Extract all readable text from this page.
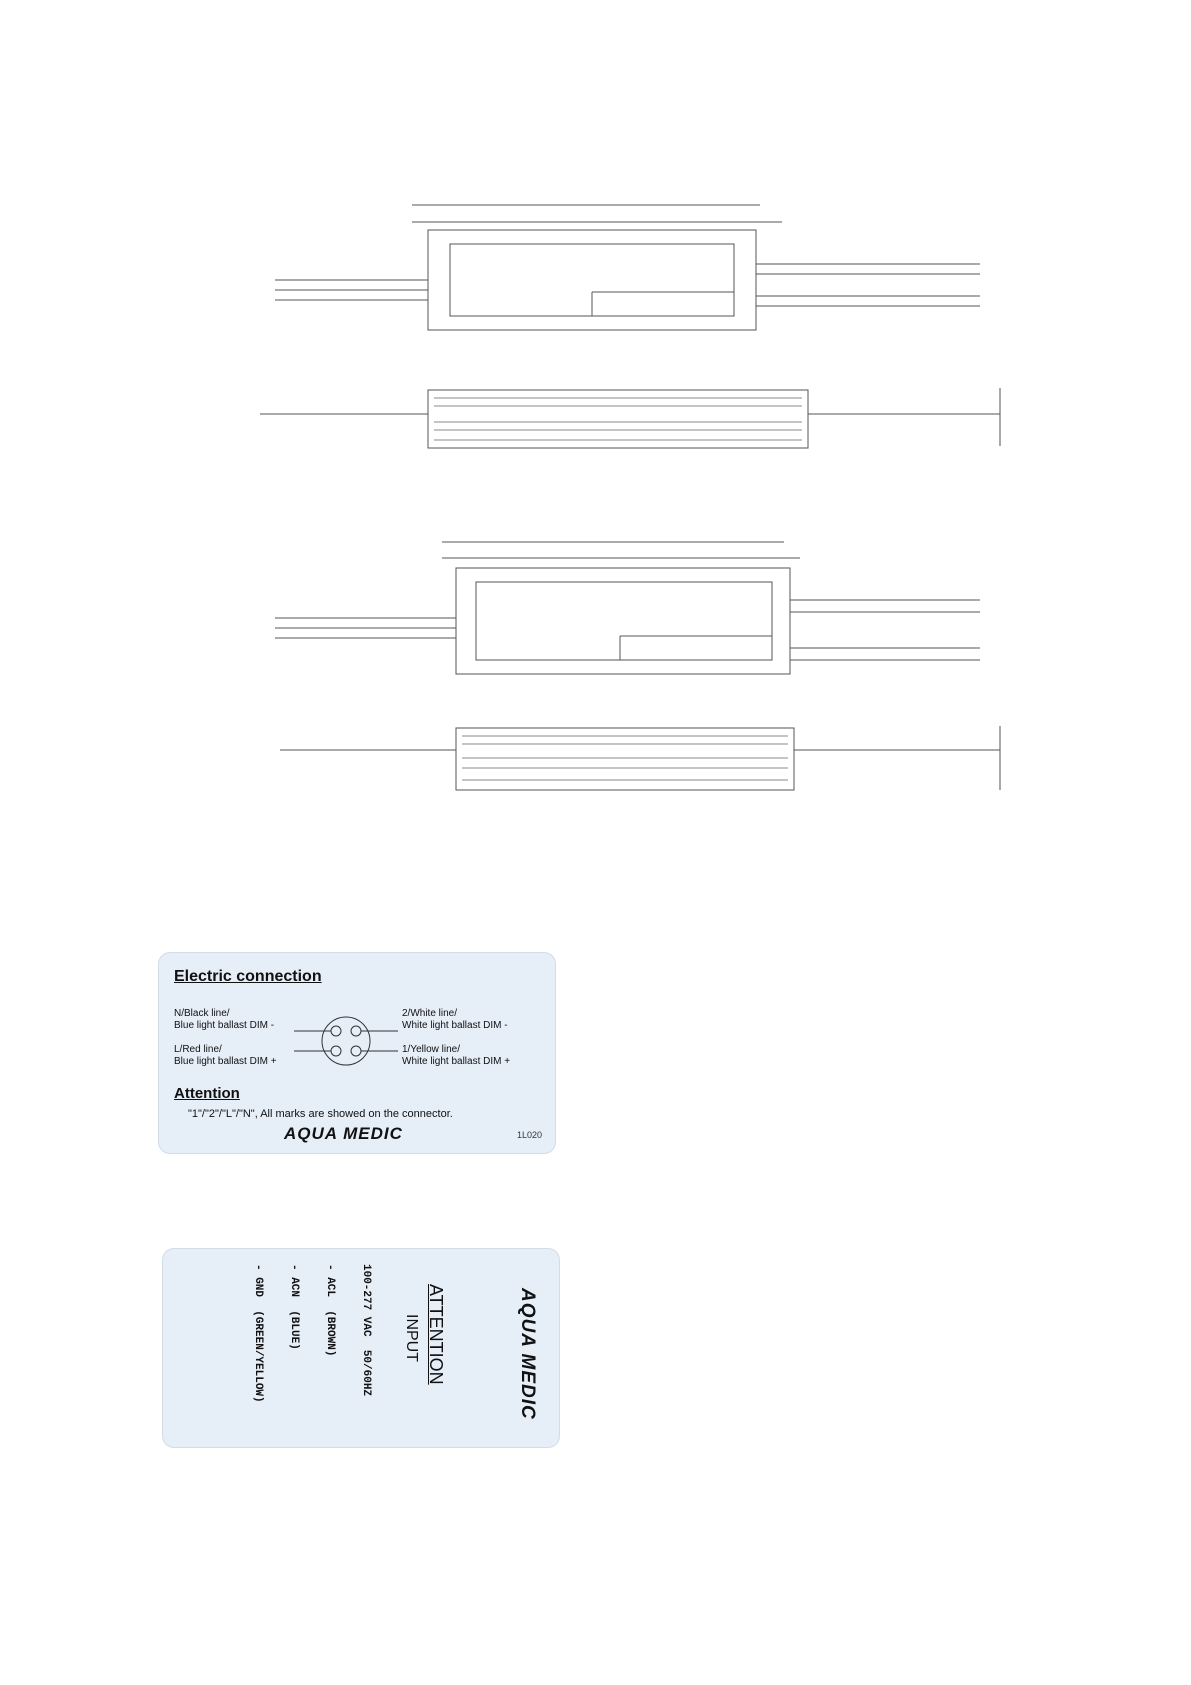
Electric connection
N/Black line/
Blue light ballast DIM -
L/Red line/
Blue light ballast DIM +
2/White line/
White light ballast DIM -
1/Yellow line/
White light ballast DIM +
Attention
"1"/"2"/"L"/"N", All marks are showed on the connector.
AQUA MEDIC	1L020
AQUA MEDIC
ATTENTION
INPUT

100-277 VAC  50/60HZ

- ACL  (BROWN)

- ACN  (BLUE)

- GND  (GREEN/YELLOW)
